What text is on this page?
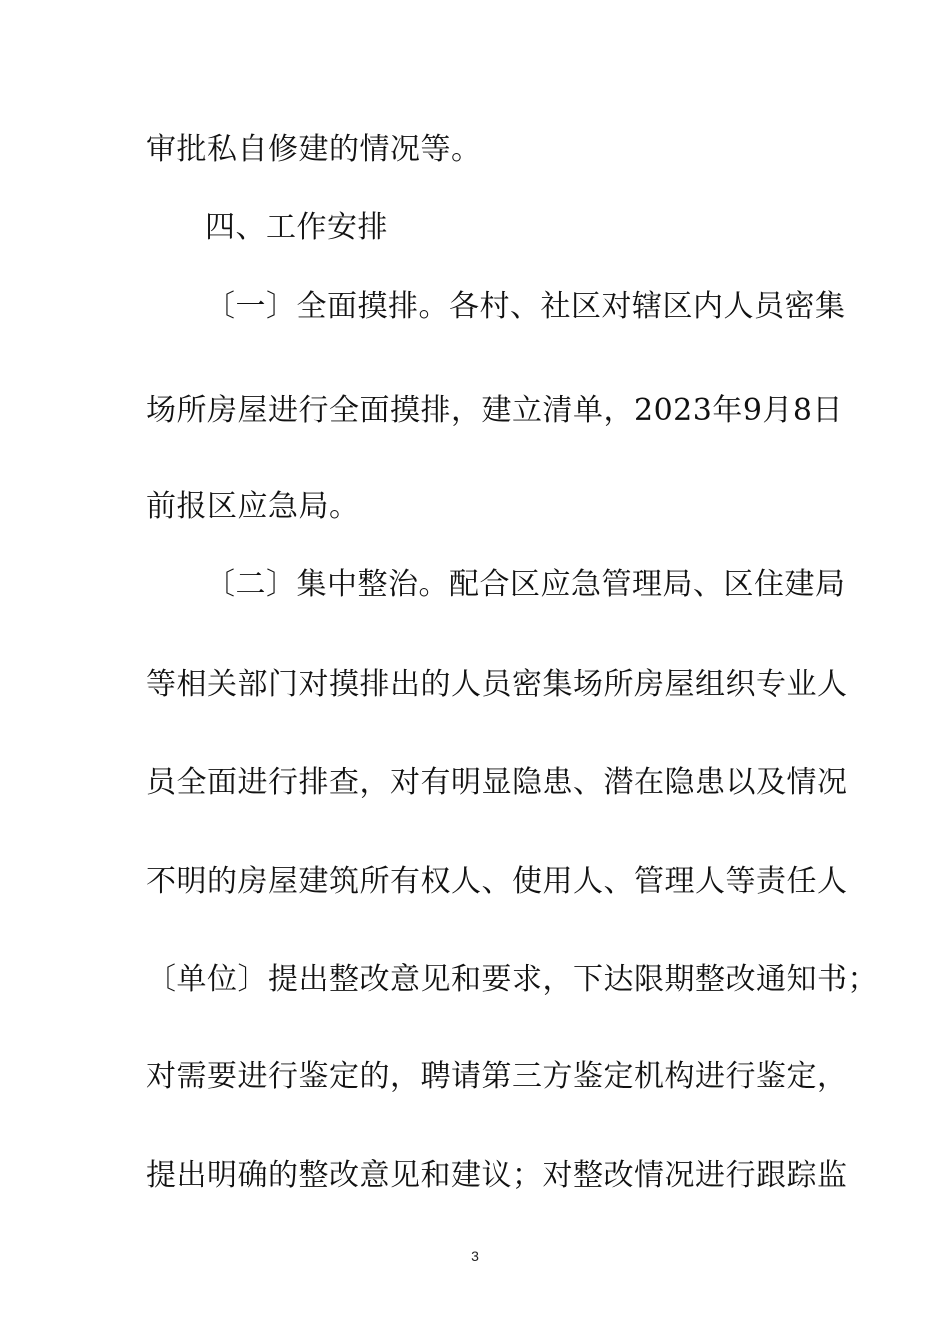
审批私自修建的情况等。
四、工作安排
〔一〕全面摸排。各村、社区对辖区内人员密集
场所房屋进行全面摸排，建立清单，2023年9月8日
前报区应急局。
〔二〕集中整治。配合区应急管理局、区住建局
等相关部门对摸排出的人员密集场所房屋组织专业人
员全面进行排查，对有明显隐患、潜在隐患以及情况
不明的房屋建筑所有权人、使用人、管理人等责任人
〔单位〕提出整改意见和要求，下达限期整改通知书；
对需要进行鉴定的，聘请第三方鉴定机构进行鉴定，
提出明确的整改意见和建议；对整改情况进行跟踪监
3
